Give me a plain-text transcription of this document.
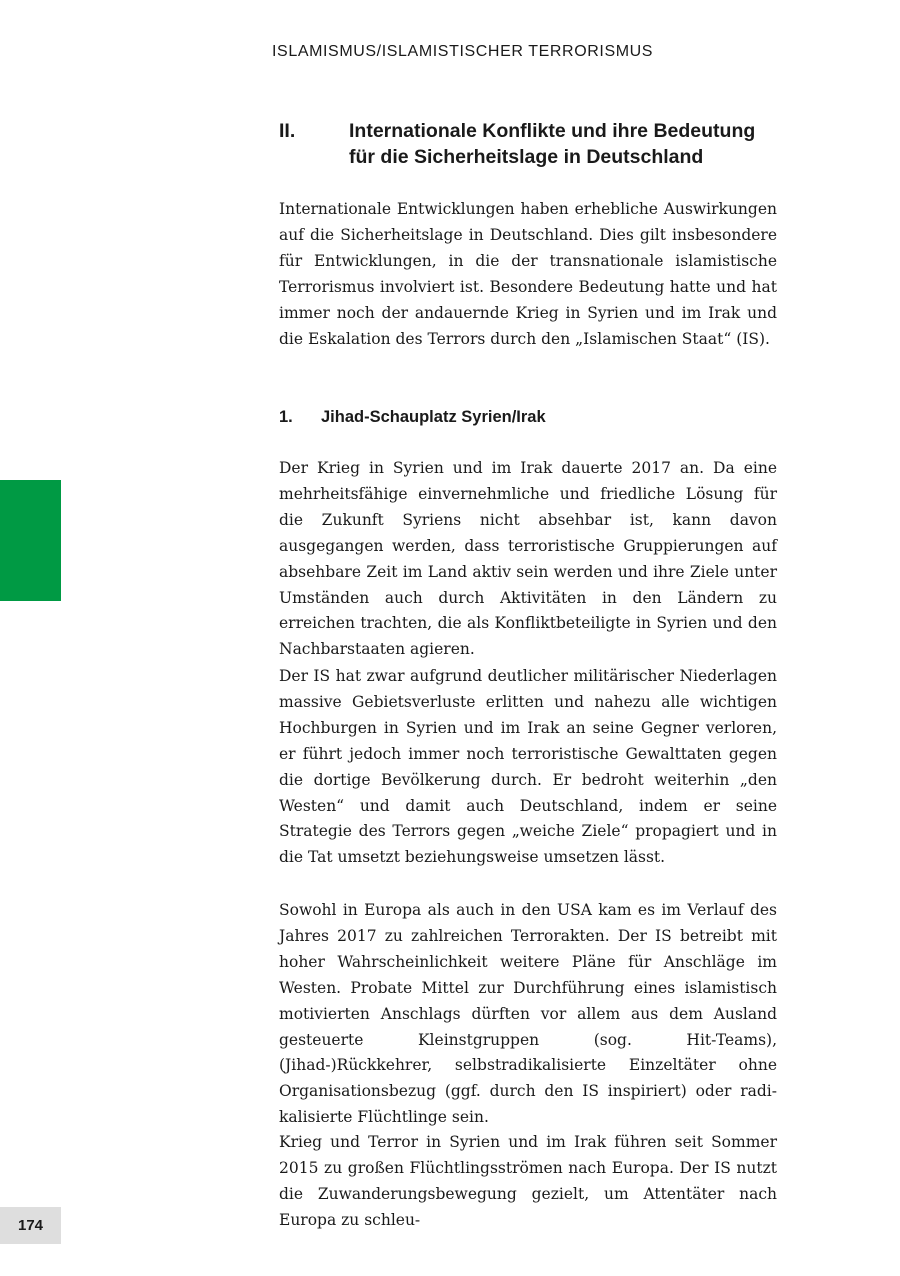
ISLAMISMUS/ISLAMISTISCHER TERRORISMUS
II.	Internationale Konflikte und ihre Bedeutung für die Sicherheitslage in Deutschland

Internationale Entwicklungen haben erhebliche Auswirkungen auf die Sicherheitslage in Deutschland. Dies gilt insbesondere für Entwicklungen, in die der transnationale islamistische Terrorismus involviert ist. Besondere Bedeutung hatte und hat immer noch der andauernde Krieg in Syrien und im Irak und die Eskalation des Terrors durch den „Islamischen Staat“ (IS).

1. Jihad-Schauplatz Syrien/Irak

Der Krieg in Syrien und im Irak dauerte 2017 an. Da eine mehrheitsfähige einvernehmliche und friedliche Lösung für die Zukunft Syriens nicht absehbar ist, kann davon ausgegangen werden, dass terroristische Gruppierungen auf absehbare Zeit im Land aktiv sein werden und ihre Ziele unter Umständen auch durch Aktivitäten in den Ländern zu erreichen trachten, die als Konfliktbeteiligte in Syrien und den Nachbarstaaten agieren.

Der IS hat zwar aufgrund deutlicher militärischer Niederlagen massive Gebietsverluste erlitten und nahezu alle wichtigen Hochburgen in Syrien und im Irak an seine Gegner verloren, er führt jedoch immer noch terroristische Gewalttaten gegen die dortige Bevölkerung durch. Er bedroht weiterhin „den Westen“ und damit auch Deutschland, indem er seine Strategie des Terrors gegen „weiche Ziele“ propagiert und in die Tat umsetzt beziehungsweise umsetzen lässt.

Sowohl in Europa als auch in den USA kam es im Verlauf des Jahres 2017 zu zahlreichen Terrorakten. Der IS betreibt mit hoher Wahrscheinlichkeit weitere Pläne für Anschläge im Westen. Probate Mittel zur Durchführung eines islamistisch motivierten Anschlags dürften vor allem aus dem Ausland gesteuerte Kleinstgruppen (sog. Hit-Teams), (Jihad-)Rückkehrer, selbstradikalisierte Einzeltäter ohne Organisationsbezug (ggf. durch den IS inspiriert) oder radikalisierte Flüchtlinge sein.

Krieg und Terror in Syrien und im Irak führen seit Sommer 2015 zu großen Flüchtlingsströmen nach Europa. Der IS nutzt die Zuwanderungsbewegung gezielt, um Attentäter nach Europa zu schleu-

174
